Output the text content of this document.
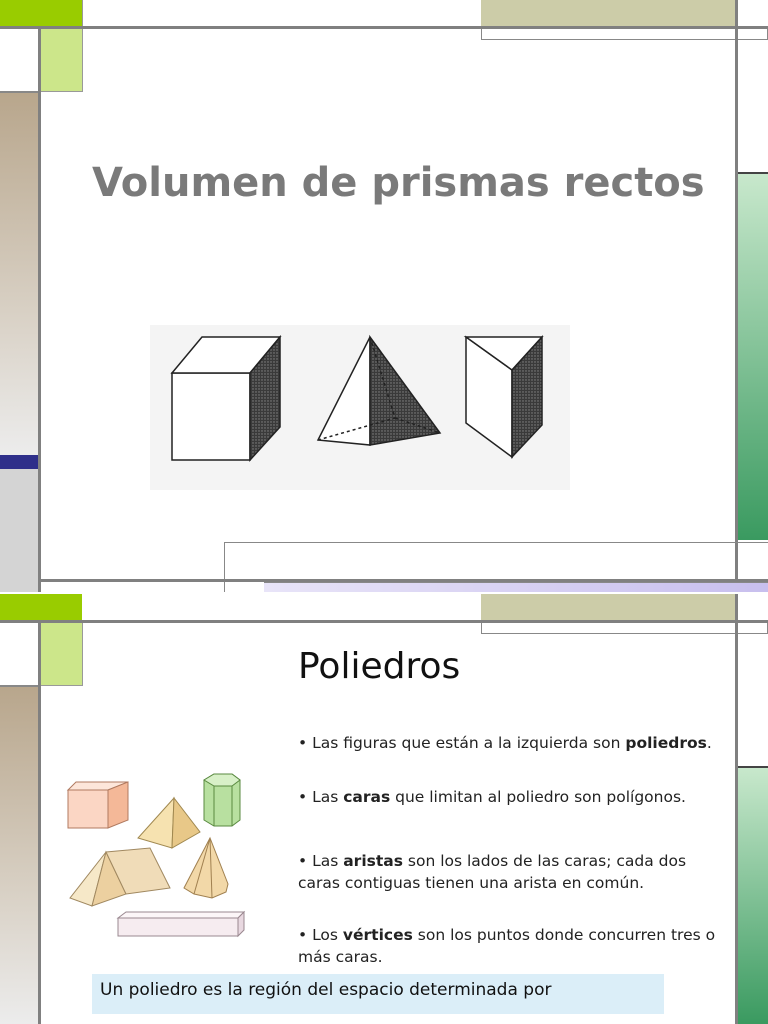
Volumen de prismas rectos
Poliedros

• Las figuras que están a la izquierda son poliedros.

• Las caras que limitan al poliedro son polígonos.

• Las aristas son los lados de las caras; cada dos caras contiguas tienen una arista en común.

• Los vértices son los puntos donde concurren tres o más caras.

Un poliedro es la región del espacio determinada por
